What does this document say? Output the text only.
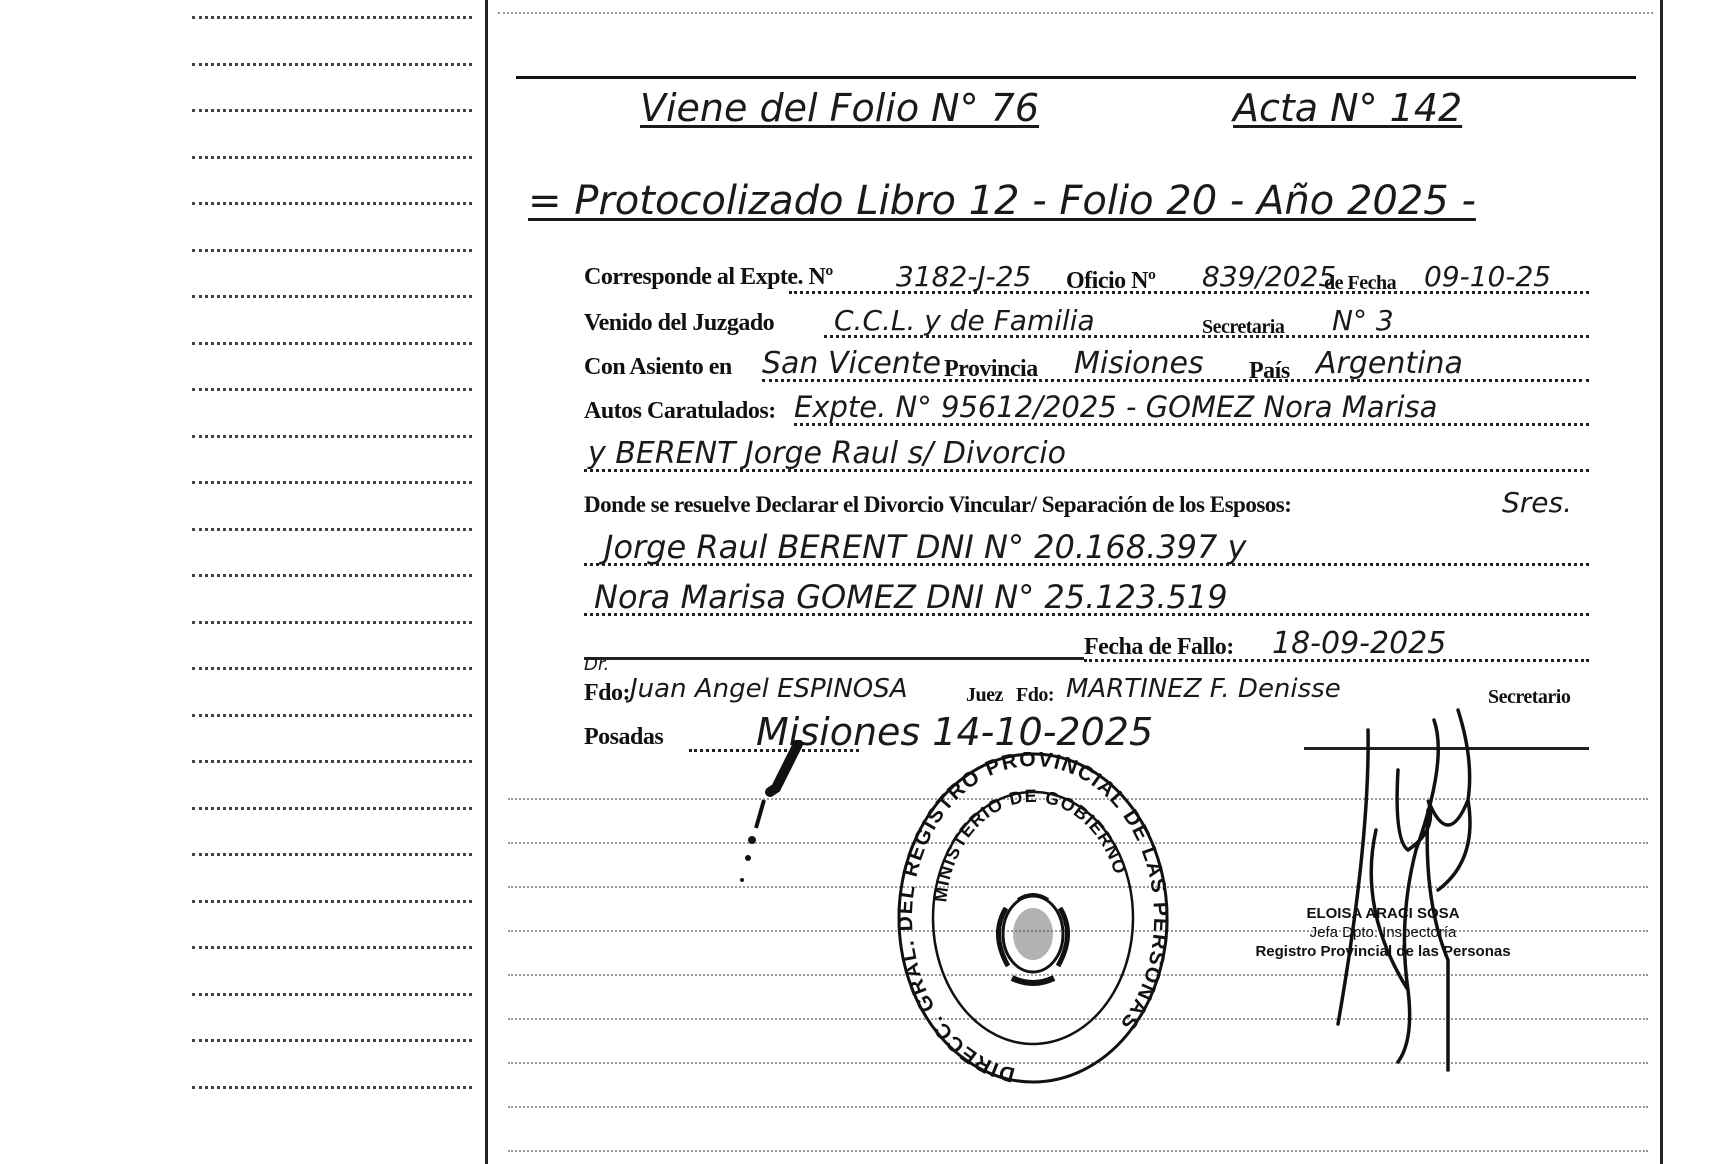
Viene del Folio N° 76	Acta N° 142
= Protocolizado Libro 12 - Folio 20 - Año 2025 -
Corresponde al Expte. Nº 3182-J-25 Oficio Nº 839/2025
de Fecha 09-10-25
Venido del Juzgado C.C.L. y de Familia	Secretaria N° 3
Con Asiento en San Vicente Provincia Misiones País Argentina
Autos Caratulados: Expte. N° 95612/2025 - GOMEZ Nora Marisa
y BERENT Jorge Raul s/ Divorcio
Donde se resuelve Declarar el Divorcio Vincular/ Separación de los Esposos:	Sres.
Jorge Raul BERENT DNI N° 20.168.397 y
Nora Marisa GOMEZ DNI N° 25.123.519
Fecha de Fallo: 18-09-2025
Dr.
Fdo: Juan Angel ESPINOSA	Juez Fdo: MARTINEZ F. Denisse	Secretario
Posadas Misiones 14-10-2025
DIRECC. GRAL. DEL REGISTRO PROVINCIAL DE LAS PERSONAS
MINISTERIO DE GOBIERNO
ELOISA ARACI SOSA
Jefa Dpto. Inspectoría
Registro Provincial de las Personas
